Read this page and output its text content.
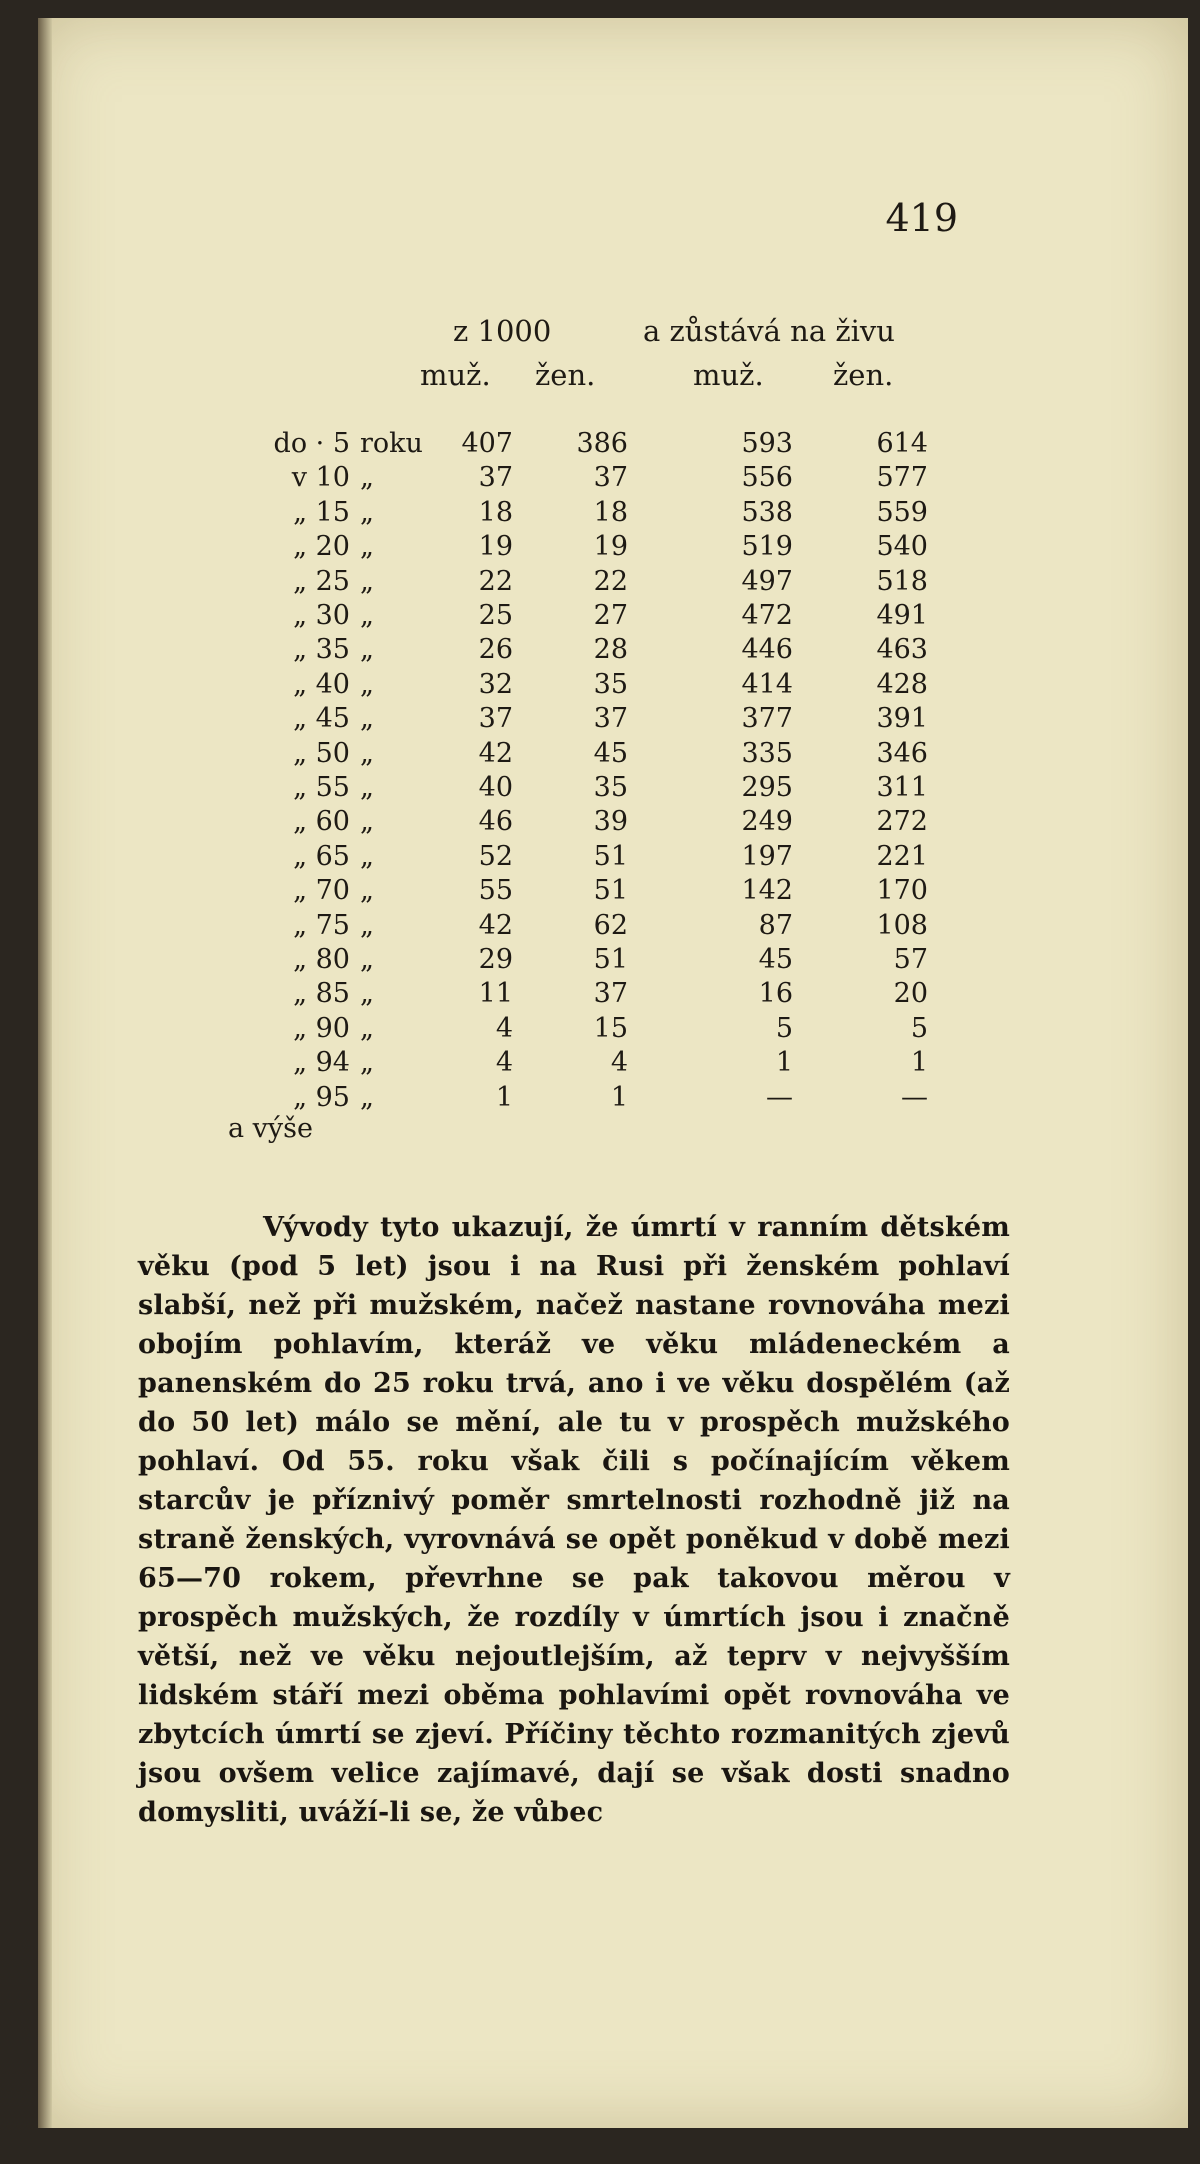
419
z 1000	a zůstává na živu
muž. žen.	muž. žen.
do · 5 roku	407	386	593	614
v 10 „	37	37	556	577
„ 15 „	18	18	538	559
„ 20 „	19	19	519	540
„ 25 „	22	22	497	518
„ 30 „	25	27	472	491
„ 35 „	26	28	446	463
„ 40 „	32	35	414	428
„ 45 „	37	37	377	391
„ 50 „	42	45	335	346
„ 55 „	40	35	295	311
„ 60 „	46	39	249	272
„ 65 „	52	51	197	221
„ 70 „	55	51	142	170
„ 75 „	42	62	87	108
„ 80 „	29	51	45	57
„ 85 „	11	37	16	20
„ 90 „	4	15	5	5
„ 94 „	4	4	1	1
„ 95 „	1	1	—	—
a výše
Vývody tyto ukazují, že úmrtí v ranním dětském věku (pod 5 let) jsou i na Rusi při ženském pohlaví slabší, než při mužském, načež nastane rovnováha mezi obojím pohlavím, kteráž ve věku mládeneckém a panenském do 25 roku trvá, ano i ve věku dospělém (až do 50 let) málo se mění, ale tu v prospěch mužského pohlaví. Od 55. roku však čili s počínajícím věkem starcův je příznivý poměr smrtelnosti rozhodně již na straně ženských, vyrovnává se opět poněkud v době mezi 65—70 rokem, převrhne se pak takovou měrou v prospěch mužských, že rozdíly v úmrtích jsou i značně větší, než ve věku nejoutlejším, až teprv v nejvyšším lidském stáří mezi oběma pohlavími opět rovnováha ve zbytcích úmrtí se zjeví. Příčiny těchto rozmanitých zjevů jsou ovšem velice zajímavé, dají se však dosti snadno domysliti, uváží-li se, že vůbec
